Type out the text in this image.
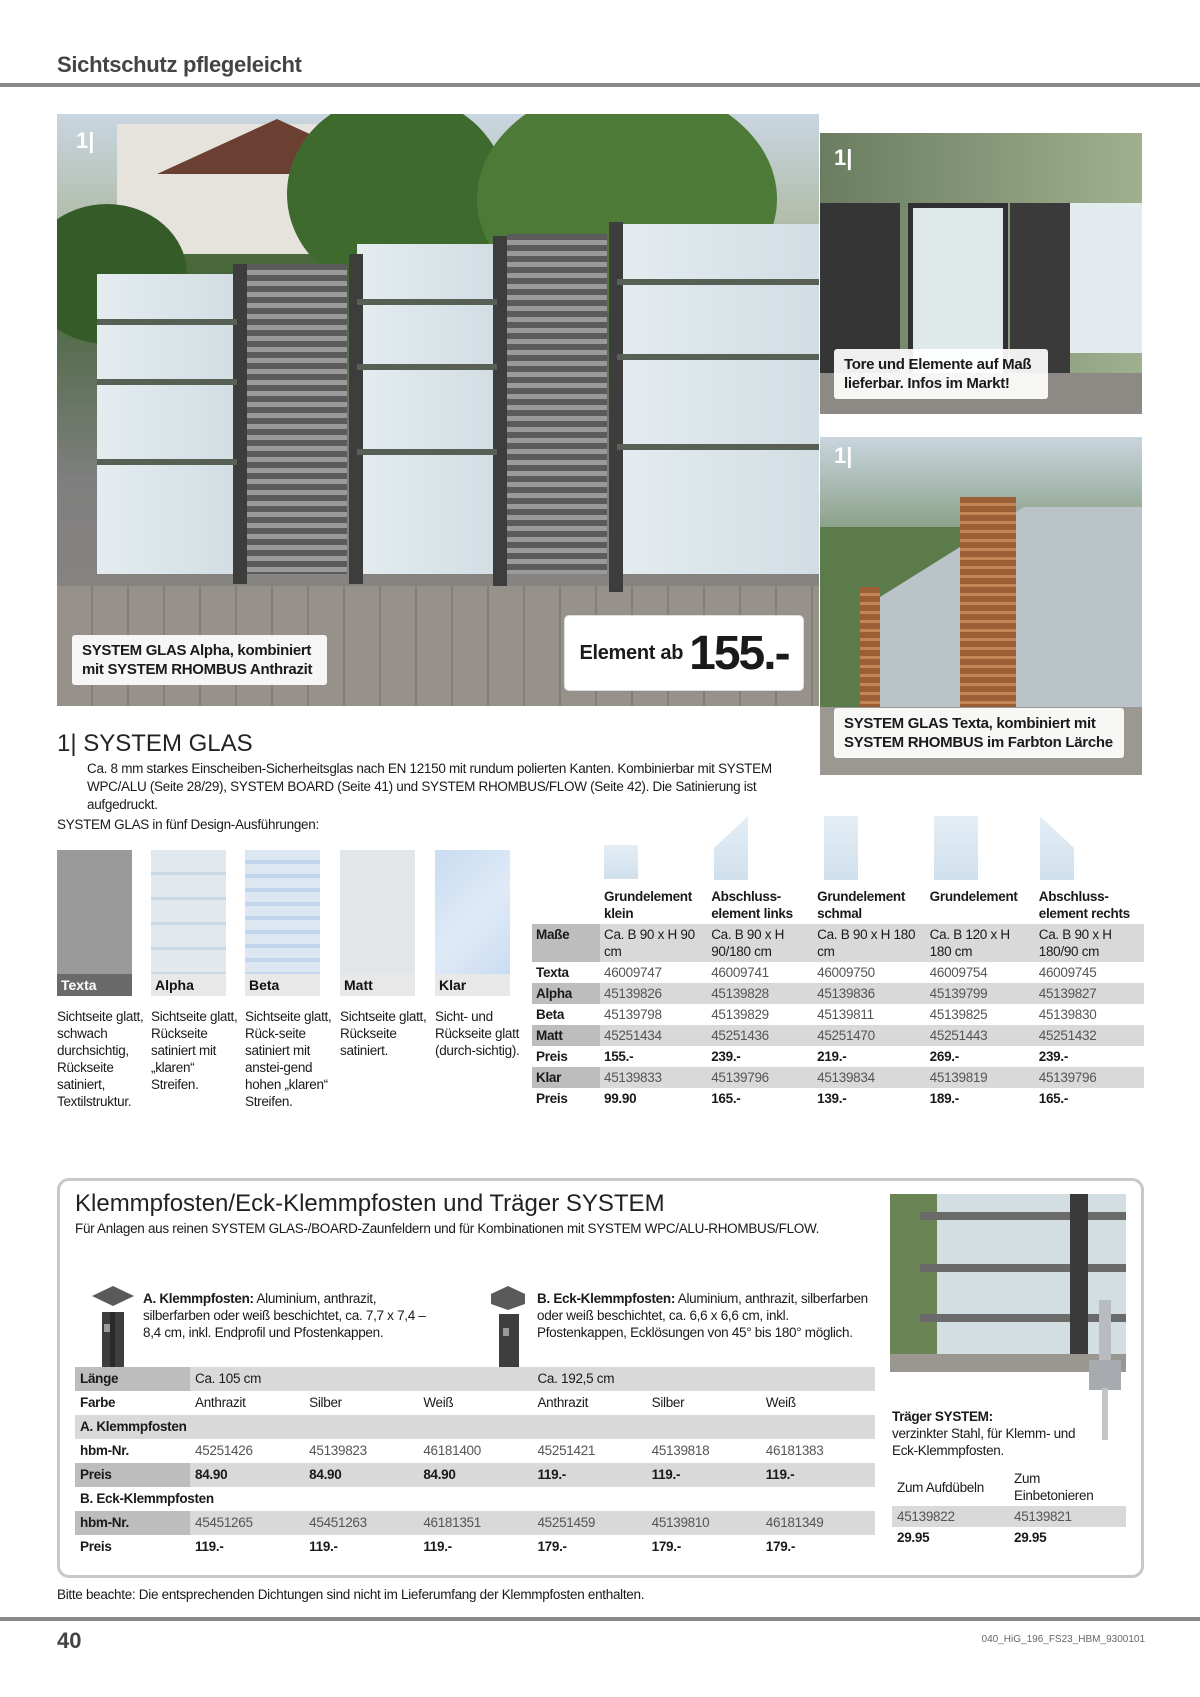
Sichtschutz pflegeleicht
1|
SYSTEM GLAS Alpha, kombiniert mit SYSTEM RHOMBUS Anthrazit
Element ab 155.-
1|
Tore und Elemente auf Maß lieferbar. Infos im Markt!
1|
SYSTEM GLAS Texta, kombiniert mit SYSTEM RHOMBUS im Farbton Lärche
1| SYSTEM GLAS
Ca. 8 mm starkes Einscheiben-Sicherheitsglas nach EN 12150 mit rundum polierten Kanten. Kombinierbar mit SYSTEM WPC/ALU (Seite 28/29), SYSTEM BOARD (Seite 41) und SYSTEM RHOMBUS/FLOW (Seite 42). Die Satinierung ist aufgedruckt.
SYSTEM GLAS in fünf Design-Ausführungen:
Texta	Alpha	Beta	Matt	Klar
Sichtseite glatt, schwach durchsichtig, Rückseite satiniert, Textilstruktur.
Sichtseite glatt, Rückseite satiniert mit „klaren“ Streifen.
Sichtseite glatt, Rück-seite satiniert mit anstei-gend hohen „klaren“ Streifen.
Sichtseite glatt, Rückseite satiniert.
Sicht- und Rückseite glatt (durch-sichtig).
	Grundelement klein	Abschluss-element links	Grundelement schmal	Grundelement	Abschluss-element rechts
Maße	Ca. B 90 x H 90 cm	Ca. B 90 x H 90/180 cm	Ca. B 90 x H 180 cm	Ca. B 120 x H 180 cm	Ca. B 90 x H 180/90 cm
Texta	46009747	46009741	46009750	46009754	46009745
Alpha	45139826	45139828	45139836	45139799	45139827
Beta	45139798	45139829	45139811	45139825	45139830
Matt	45251434	45251436	45251470	45251443	45251432
Preis	155.-	239.-	219.-	269.-	239.-
Klar	45139833	45139796	45139834	45139819	45139796
Preis	99.90	165.-	139.-	189.-	165.-
Klemmpfosten/Eck-Klemmpfosten und Träger SYSTEM
Für Anlagen aus reinen SYSTEM GLAS-/BOARD-Zaunfeldern und für Kombinationen mit SYSTEM WPC/ALU-RHOMBUS/FLOW.
A. Klemmpfosten: Aluminium, anthrazit, silberfarben oder weiß beschichtet, ca. 7,7 x 7,4 – 8,4 cm, inkl. Endprofil und Pfostenkappen.
B. Eck-Klemmpfosten: Aluminium, anthrazit, silberfarben oder weiß beschichtet, ca. 6,6 x 6,6 cm, inkl. Pfostenkappen, Ecklösungen von 45° bis 180° möglich.
Länge	Ca. 105 cm			Ca. 192,5 cm		
Farbe	Anthrazit	Silber	Weiß	Anthrazit	Silber	Weiß
A. Klemmpfosten						
hbm-Nr.	45251426	45139823	46181400	45251421	45139818	46181383
Preis	84.90	84.90	84.90	119.-	119.-	119.-
B. Eck-Klemmpfosten						
hbm-Nr.	45451265	45451263	46181351	45251459	45139810	46181349
Preis	119.-	119.-	119.-	179.-	179.-	179.-
Träger SYSTEM:
verzinkter Stahl, für Klemm- und Eck-Klemmpfosten.
Zum Aufdübeln	Zum Einbetonieren
45139822	45139821
29.95	29.95
Bitte beachte: Die entsprechenden Dichtungen sind nicht im Lieferumfang der Klemmpfosten enthalten.
40	040_HiG_196_FS23_HBM_9300101
